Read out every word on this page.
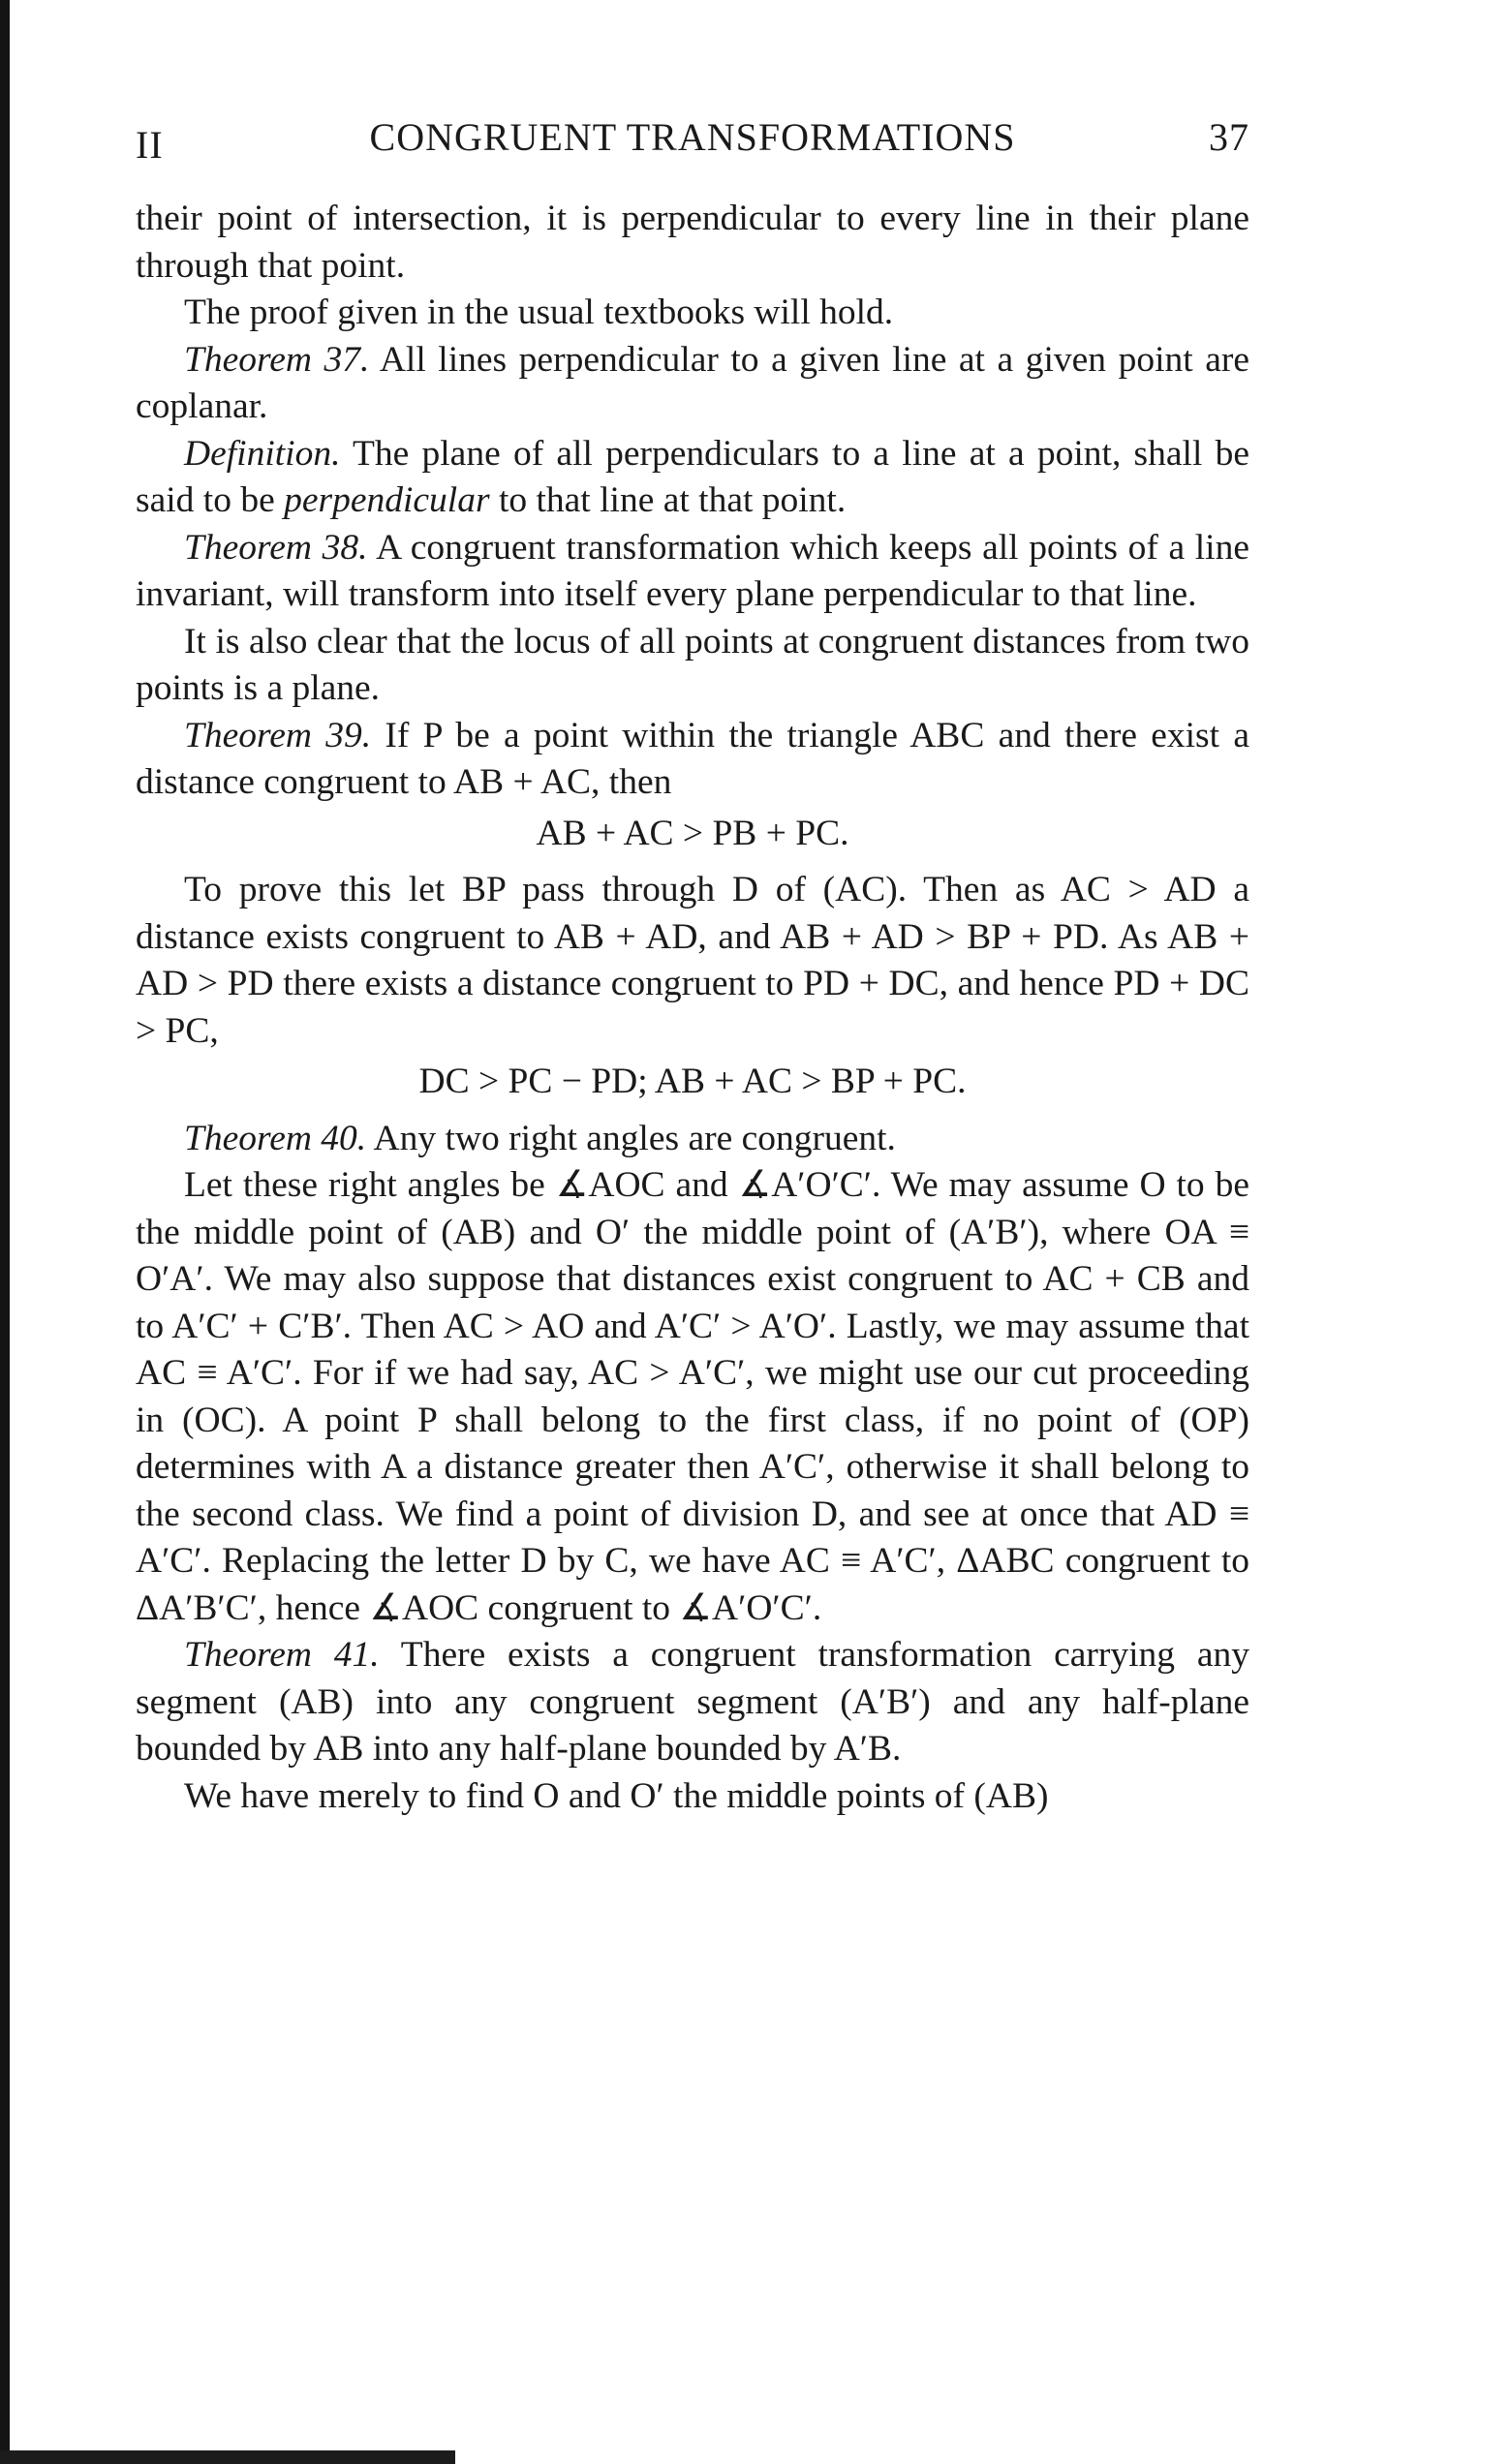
II	CONGRUENT TRANSFORMATIONS	37

their point of intersection, it is perpendicular to every line in their plane through that point.

The proof given in the usual textbooks will hold.

Theorem 37. All lines perpendicular to a given line at a given point are coplanar.

Definition. The plane of all perpendiculars to a line at a point, shall be said to be perpendicular to that line at that point.

Theorem 38. A congruent transformation which keeps all points of a line invariant, will transform into itself every plane perpendicular to that line.

It is also clear that the locus of all points at congruent distances from two points is a plane.

Theorem 39. If P be a point within the triangle ABC and there exist a distance congruent to AB + AC, then

AB + AC > PB + PC.

To prove this let BP pass through D of (AC). Then as AC > AD a distance exists congruent to AB + AD, and AB + AD > BP + PD. As AB + AD > PD there exists a distance congruent to PD + DC, and hence PD + DC > PC,

DC > PC − PD; AB + AC > BP + PC.

Theorem 40. Any two right angles are congruent.

Let these right angles be ∡AOC and ∡A′O′C′. We may assume O to be the middle point of (AB) and O′ the middle point of (A′B′), where OA ≡ O′A′. We may also suppose that distances exist congruent to AC + CB and to A′C′ + C′B′. Then AC > AO and A′C′ > A′O′. Lastly, we may assume that AC ≡ A′C′. For if we had say, AC > A′C′, we might use our cut proceeding in (OC). A point P shall belong to the first class, if no point of (OP) determines with A a distance greater then A′C′, otherwise it shall belong to the second class. We find a point of division D, and see at once that AD ≡ A′C′. Replacing the letter D by C, we have AC ≡ A′C′, ΔABC congruent to ΔA′B′C′, hence ∡AOC congruent to ∡A′O′C′.

Theorem 41. There exists a congruent transformation carrying any segment (AB) into any congruent segment (A′B′) and any half-plane bounded by AB into any half-plane bounded by A′B.

We have merely to find O and O′ the middle points of (AB)
